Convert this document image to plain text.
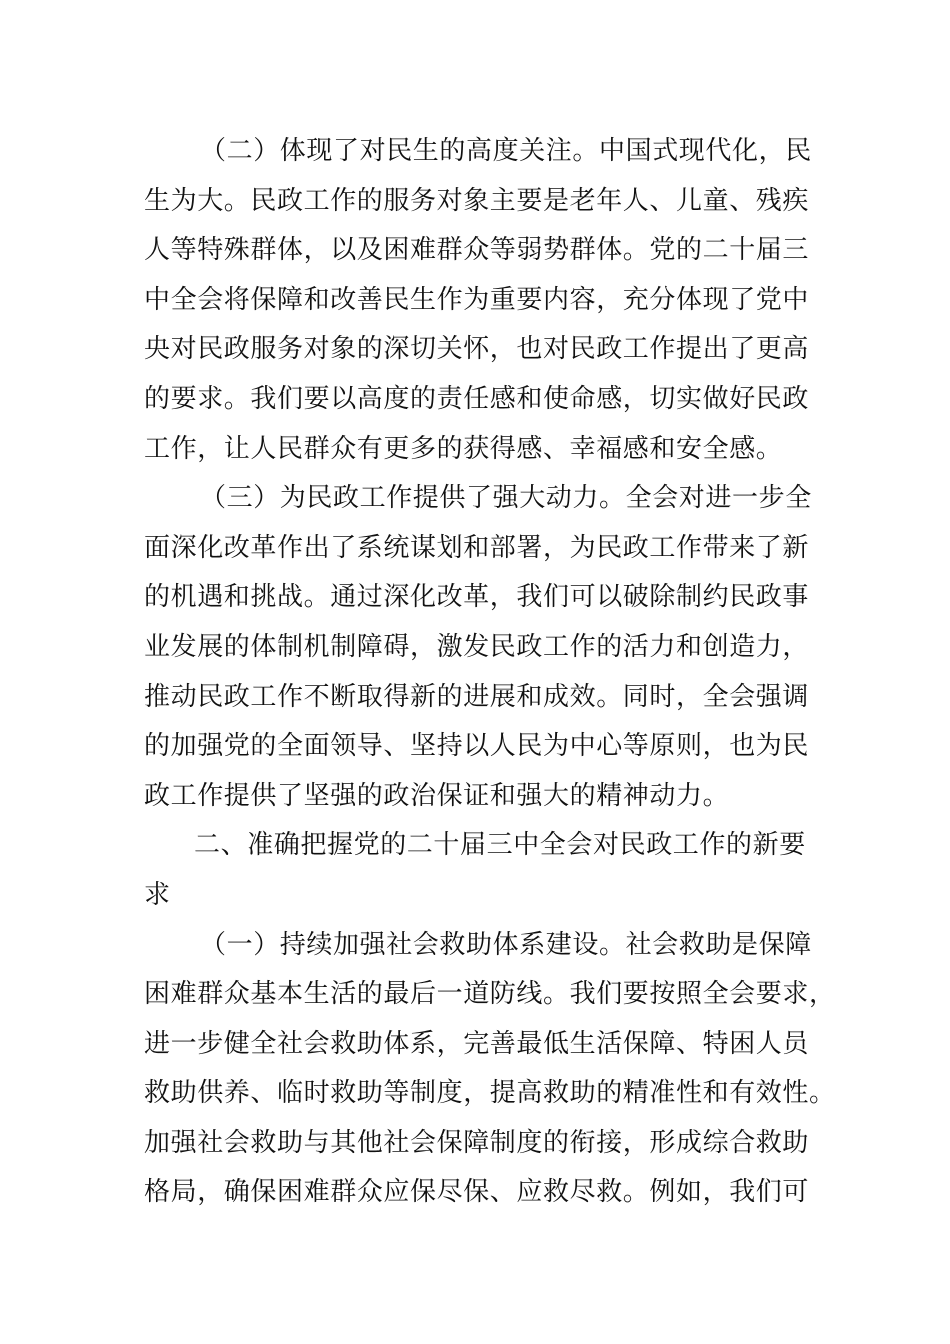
（二）体现了对民生的高度关注。中国式现代化，民
生为大。民政工作的服务对象主要是老年人、儿童、残疾
人等特殊群体，以及困难群众等弱势群体。党的二十届三
中全会将保障和改善民生作为重要内容，充分体现了党中
央对民政服务对象的深切关怀，也对民政工作提出了更高
的要求。我们要以高度的责任感和使命感，切实做好民政
工作，让人民群众有更多的获得感、幸福感和安全感。
（三）为民政工作提供了强大动力。全会对进一步全
面深化改革作出了系统谋划和部署，为民政工作带来了新
的机遇和挑战。通过深化改革，我们可以破除制约民政事
业发展的体制机制障碍，激发民政工作的活力和创造力，
推动民政工作不断取得新的进展和成效。同时，全会强调
的加强党的全面领导、坚持以人民为中心等原则，也为民
政工作提供了坚强的政治保证和强大的精神动力。
二、准确把握党的二十届三中全会对民政工作的新要
求
（一）持续加强社会救助体系建设。社会救助是保障
困难群众基本生活的最后一道防线。我们要按照全会要求，
进一步健全社会救助体系，完善最低生活保障、特困人员
救助供养、临时救助等制度，提高救助的精准性和有效性。
加强社会救助与其他社会保障制度的衔接，形成综合救助
格局，确保困难群众应保尽保、应救尽救。例如，我们可
